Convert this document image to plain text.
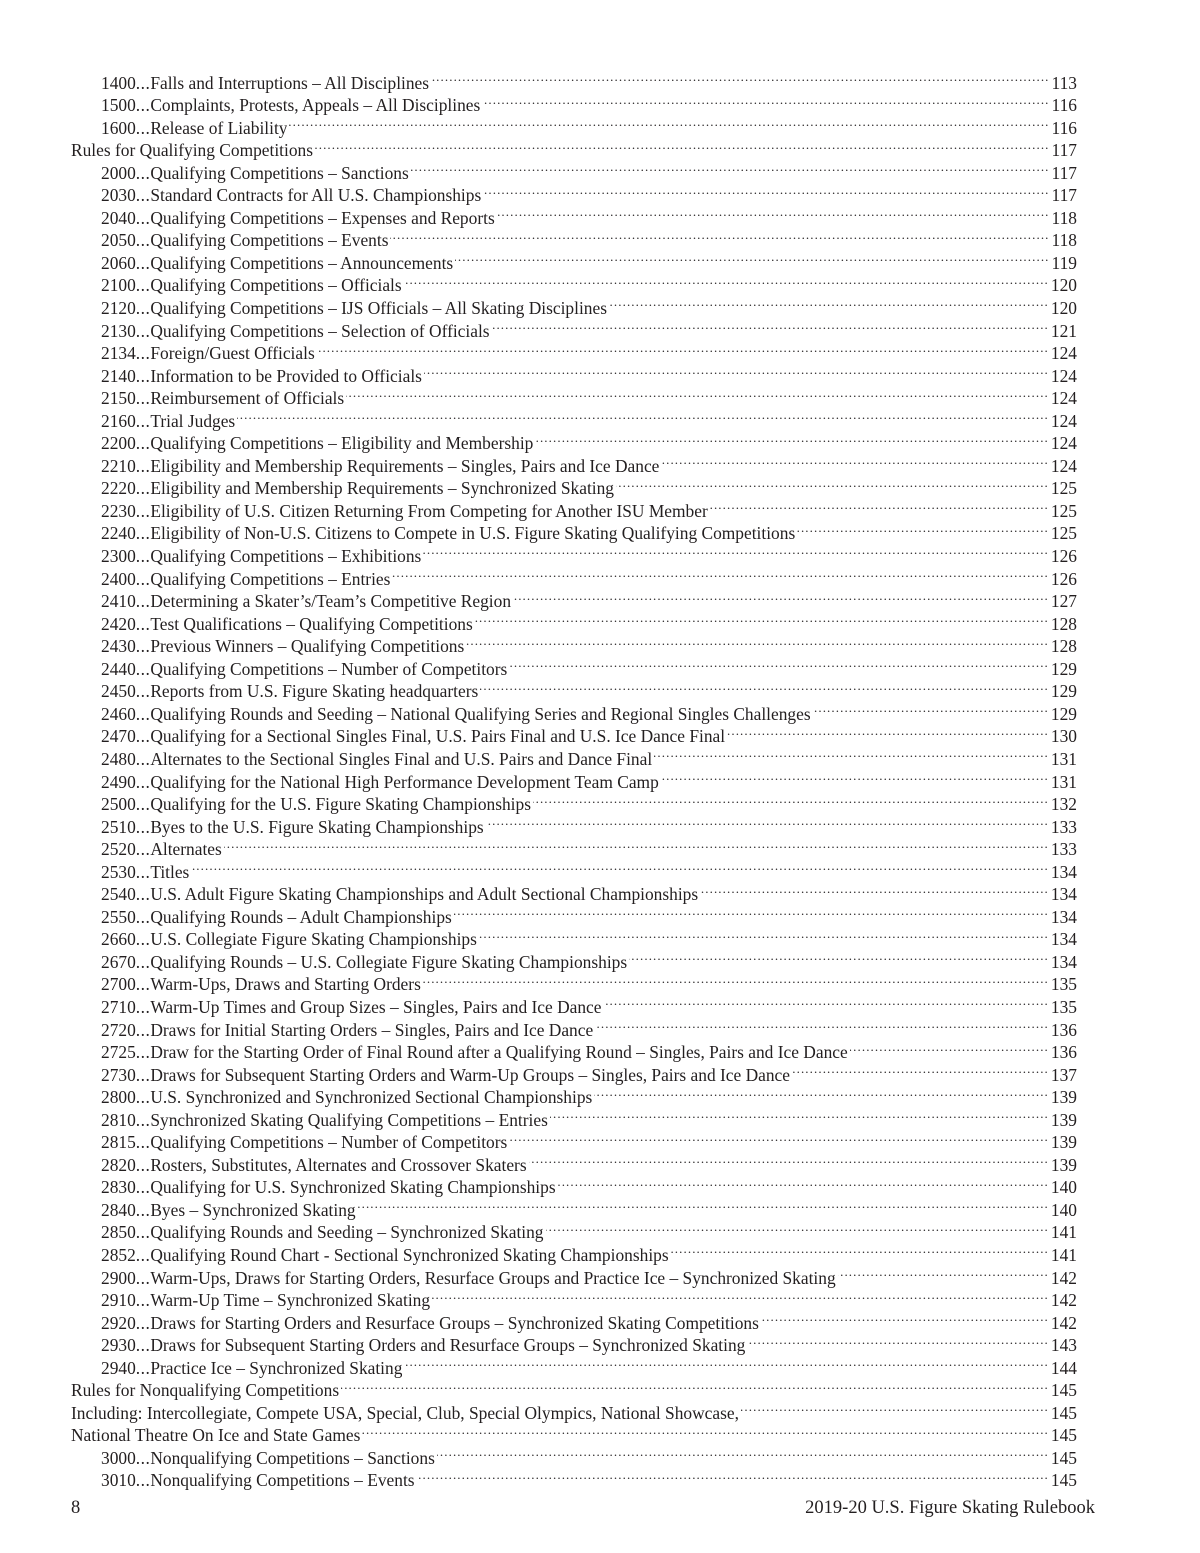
1400 ... Falls and Interruptions – All Disciplines .....	113
1500 ... Complaints, Protests, Appeals – All Disciplines .....	116
1600 ... Release of Liability .....	116
Rules for Qualifying Competitions .....	117
2000 ... Qualifying Competitions – Sanctions .....	117
2030 ... Standard Contracts for All U.S. Championships .....	117
2040 ... Qualifying Competitions – Expenses and Reports .....	118
2050 ... Qualifying Competitions – Events .....	118
2060 ... Qualifying Competitions – Announcements .....	119
2100 ... Qualifying Competitions – Officials .....	120
2120 ... Qualifying Competitions – IJS Officials – All Skating Disciplines .....	120
2130 ... Qualifying Competitions – Selection of Officials .....	121
2134 ... Foreign/Guest Officials .....	124
2140 ... Information to be Provided to Officials .....	124
2150 ... Reimbursement of Officials .....	124
2160 ... Trial Judges .....	124
2200 ... Qualifying Competitions – Eligibility and Membership .....	124
2210 ... Eligibility and Membership Requirements – Singles, Pairs and Ice Dance .....	124
2220 ... Eligibility and Membership Requirements – Synchronized Skating .....	125
2230 ... Eligibility of U.S. Citizen Returning From Competing for Another ISU Member .....	125
2240 ... Eligibility of Non-U.S. Citizens to Compete in U.S. Figure Skating Qualifying Competitions .....	125
2300 ... Qualifying Competitions – Exhibitions .....	126
2400 ... Qualifying Competitions – Entries .....	126
2410 ... Determining a Skater’s/Team’s Competitive Region .....	127
2420 ... Test Qualifications – Qualifying Competitions .....	128
2430 ... Previous Winners – Qualifying Competitions .....	128
2440 ... Qualifying Competitions – Number of Competitors .....	129
2450 ... Reports from U.S. Figure Skating headquarters .....	129
2460 ... Qualifying Rounds and Seeding – National Qualifying Series and Regional Singles Challenges .....	129
2470 ... Qualifying for a Sectional Singles Final, U.S. Pairs Final and U.S. Ice Dance Final .....	130
2480 ... Alternates to the Sectional Singles Final and U.S. Pairs and Dance Final .....	131
2490 ... Qualifying for the National High Performance Development Team Camp .....	131
2500 ... Qualifying for the U.S. Figure Skating Championships .....	132
2510 ... Byes to the U.S. Figure Skating Championships .....	133
2520 ... Alternates .....	133
2530 ... Titles .....	134
2540 ... U.S. Adult Figure Skating Championships and Adult Sectional Championships .....	134
2550 ... Qualifying Rounds – Adult Championships .....	134
2660 ... U.S. Collegiate Figure Skating Championships .....	134
2670 ... Qualifying Rounds – U.S. Collegiate Figure Skating Championships .....	134
2700 ... Warm-Ups, Draws and Starting Orders .....	135
2710 ... Warm-Up Times and Group Sizes – Singles, Pairs and Ice Dance .....	135
2720 ... Draws for Initial Starting Orders – Singles, Pairs and Ice Dance .....	136
2725 ... Draw for the Starting Order of Final Round after a Qualifying Round – Singles, Pairs and Ice Dance .....	136
2730 ... Draws for Subsequent Starting Orders and Warm-Up Groups – Singles, Pairs and Ice Dance .....	137
2800 ... U.S. Synchronized and Synchronized Sectional Championships .....	139
2810 ... Synchronized Skating Qualifying Competitions – Entries .....	139
2815 ... Qualifying Competitions – Number of Competitors .....	139
2820 ... Rosters, Substitutes, Alternates and Crossover Skaters .....	139
2830 ... Qualifying for U.S. Synchronized Skating Championships .....	140
2840 ... Byes – Synchronized Skating .....	140
2850 ... Qualifying Rounds and Seeding – Synchronized Skating .....	141
2852 ... Qualifying Round Chart - Sectional Synchronized Skating Championships .....	141
2900 ... Warm-Ups, Draws for Starting Orders, Resurface Groups and Practice Ice – Synchronized Skating .....	142
2910 ... Warm-Up Time – Synchronized Skating .....	142
2920 ... Draws for Starting Orders and Resurface Groups – Synchronized Skating Competitions .....	142
2930 ... Draws for Subsequent Starting Orders and Resurface Groups – Synchronized Skating .....	143
2940 ... Practice Ice – Synchronized Skating .....	144
Rules for Nonqualifying Competitions .....	145
Including: Intercollegiate, Compete USA, Special, Club, Special Olympics, National Showcase, .....	145
National Theatre On Ice and State Games .....	145
3000 ... Nonqualifying Competitions – Sanctions .....	145
3010 ... Nonqualifying Competitions – Events .....	145
8	2019-20 U.S. Figure Skating Rulebook
